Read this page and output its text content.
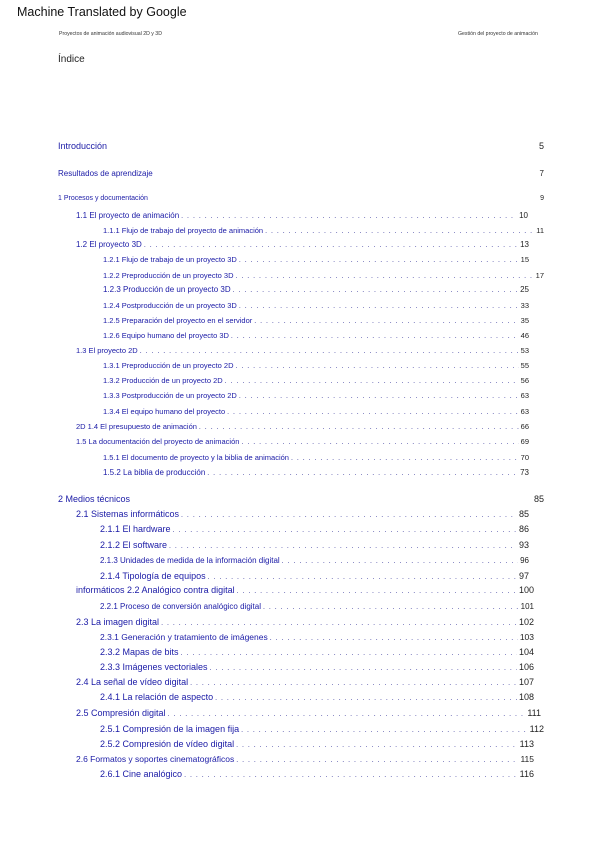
Machine Translated by Google
Proyectos de animación audiovisual 2D y 3D	Gestión del proyecto de animación
Índice
Introducción	5
Resultados de aprendizaje	7
1 Procesos y documentación	9
1.1 El proyecto de animación . . .	10
1.1.1 Flujo de trabajo del proyecto de animación . . .	11
1.2 El proyecto 3D . . .	13
1.2.1 Flujo de trabajo de un proyecto 3D . . .	15
1.2.2 Preproducción de un proyecto 3D . . .	17
1.2.3 Producción de un proyecto 3D . . .	25
1.2.4 Postproducción de un proyecto 3D . . .	33
1.2.5 Preparación del proyecto en el servidor . . .	35
1.2.6 Equipo humano del proyecto 3D . . .	46
1.3 El proyecto 2D . . .	53
1.3.1 Preproducción de un proyecto 2D . . .	55
1.3.2 Producción de un proyecto 2D . . .	56
1.3.3 Postproducción de un proyecto 2D . . .	63
1.3.4 El equipo humano del proyecto . . .	63
2D 1.4 El presupuesto de animación . . .	66
1.5 La documentación del proyecto de animación . . .	69
1.5.1 El documento de proyecto y la biblia de animación . . .	70
1.5.2 La biblia de producción . . .	73
2 Medios técnicos	85
2.1 Sistemas informáticos . . .	85
2.1.1 El hardware . . .	86
2.1.2 El software . . .	93
2.1.3 Unidades de medida de la información digital . . .	96
2.1.4 Tipología de equipos . . .	97
informáticos 2.2 Analógico contra digital . . .	100
2.2.1 Proceso de conversión analógico digital . . .	101
2.3 La imagen digital . . .	102
2.3.1 Generación y tratamiento de imágenes . . .	103
2.3.2 Mapas de bits . . .	104
2.3.3 Imágenes vectoriales . . .	106
2.4 La señal de vídeo digital . . .	107
2.4.1 La relación de aspecto . . .	108
2.5 Compresión digital . . .	111
2.5.1 Compresión de la imagen fija . . .	112
2.5.2 Compresión de vídeo digital . . .	113
2.6 Formatos y soportes cinematográficos . . .	115
2.6.1 Cine analógico . . .	116
